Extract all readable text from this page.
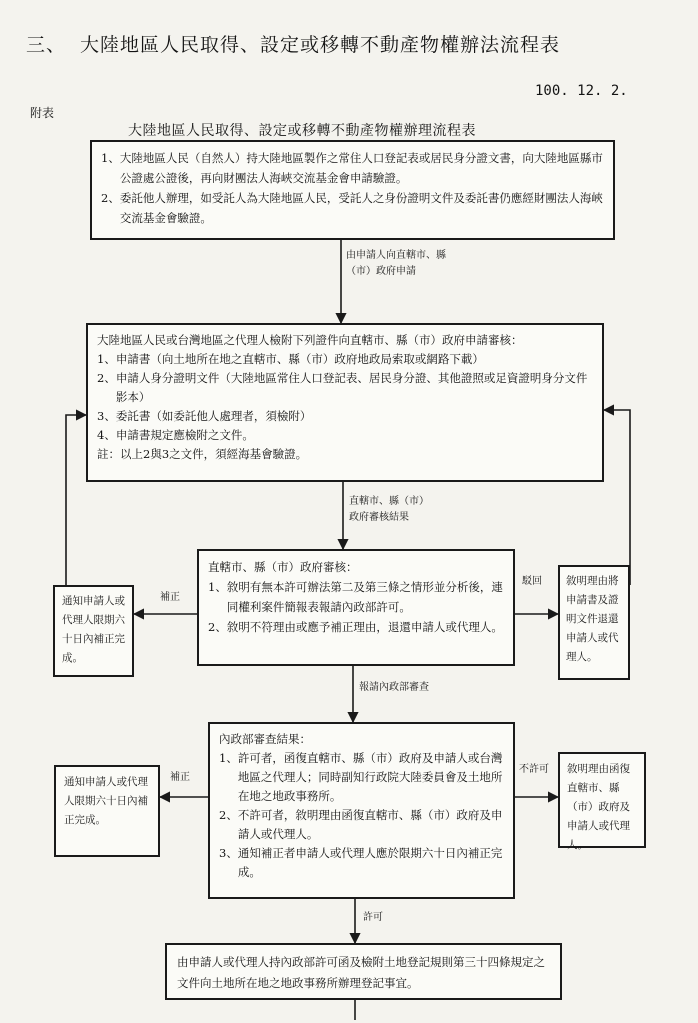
三、 大陸地區人民取得、設定或移轉不動產物權辦法流程表
100. 12. 2.
附表
大陸地區人民取得、設定或移轉不動產物權辦理流程表
1、 大陸地區人民（自然人）持大陸地區製作之常住人口登記表或居民身分證文書，向大陸地區縣市公證處公證後，再向財團法人海峽交流基金會申請驗證。
2、 委託他人辦理，如受託人為大陸地區人民，受託人之身份證明文件及委託書仍應經財團法人海峽交流基金會驗證。
由申請人向直轄市、縣（市）政府申請
大陸地區人民或台灣地區之代理人檢附下列證件向直轄市、縣（市）政府申請審核：
1、 申請書（向土地所在地之直轄市、縣（市）政府地政局索取或網路下載）
2、 申請人身分證明文件（大陸地區常住人口登記表、居民身分證、其他證照或足資證明身分文件影本）
3、 委託書（如委託他人處理者，須檢附）
4、 申請書規定應檢附之文件。
註：以上2與3之文件，須經海基會驗證。
直轄市、縣（市）政府審核結果
直轄市、縣（市）政府審核：
1、 敘明有無本許可辦法第二及第三條之情形並分析後，連同權利案件簡報表報請內政部許可。
2、 敘明不符理由或應予補正理由，退還申請人或代理人。
通知申請人或代理人限期六十日內補正完成。
補正
敘明理由將申請書及證明文件退還申請人或代理人。
駁回
報請內政部審查
內政部審查結果：
1、 許可者，函復直轄市、縣（市）政府及申請人或台灣地區之代理人；同時副知行政院大陸委員會及土地所在地之地政事務所。
2、 不許可者，敘明理由函復直轄市、縣（市）政府及申請人或代理人。
3、 通知補正者申請人或代理人應於限期六十日內補正完成。
通知申請人或代理人限期六十日內補正完成。
補正
敘明理由函復直轄市、縣（市）政府及申請人或代理人。
不許可
許可
由申請人或代理人持內政部許可函及檢附土地登記規則第三十四條規定之文件向土地所在地之地政事務所辦理登記事宜。
